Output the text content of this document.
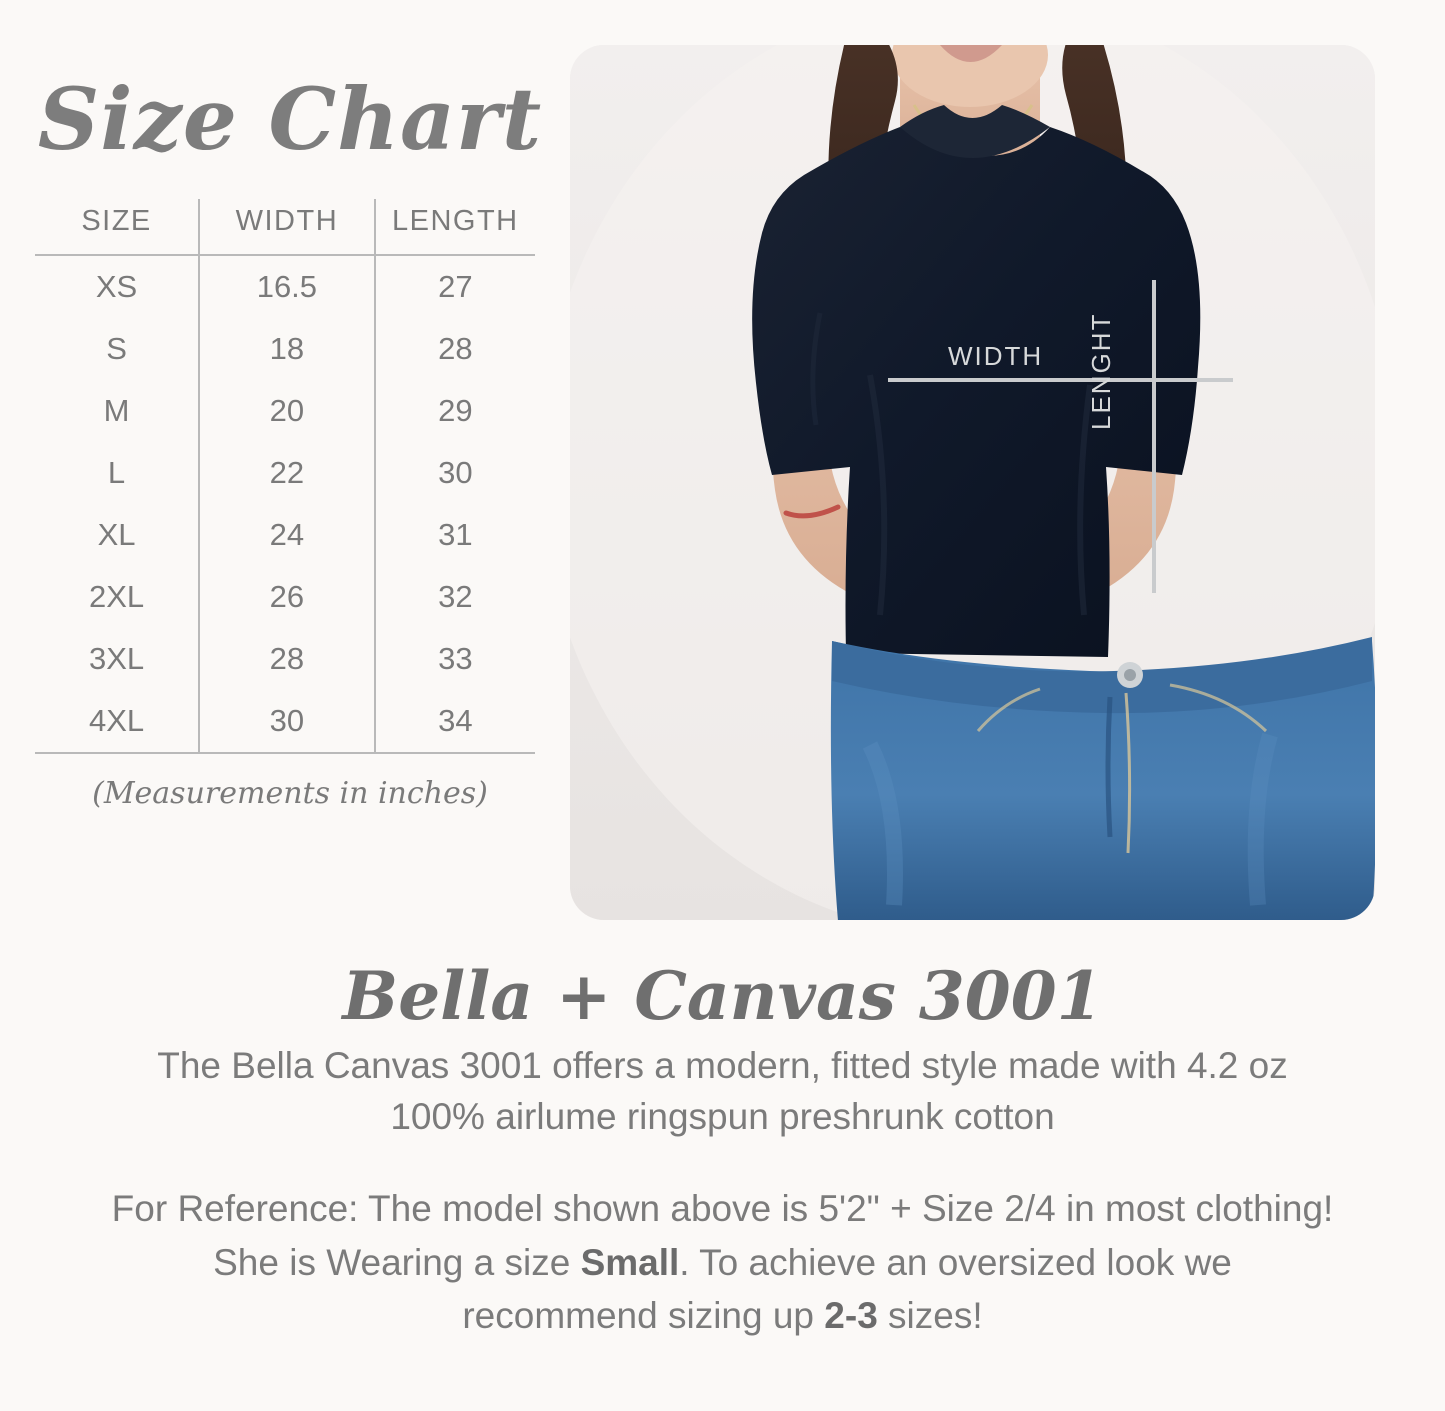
Size Chart
SIZE	WIDTH	LENGTH
XS	16.5	27
S	18	28
M	20	29
L	22	30
XL	24	31
2XL	26	32
3XL	28	33
4XL	30	34
(Measurements in inches)
WIDTH LENGHT
Bella + Canvas 3001
The Bella Canvas 3001 offers a modern, fitted style made with 4.2 oz
100% airlume ringspun preshrunk cotton
For Reference: The model shown above is 5'2" + Size 2/4 in most clothing!
She is Wearing a size Small. To achieve an oversized look we
recommend sizing up 2-3 sizes!
